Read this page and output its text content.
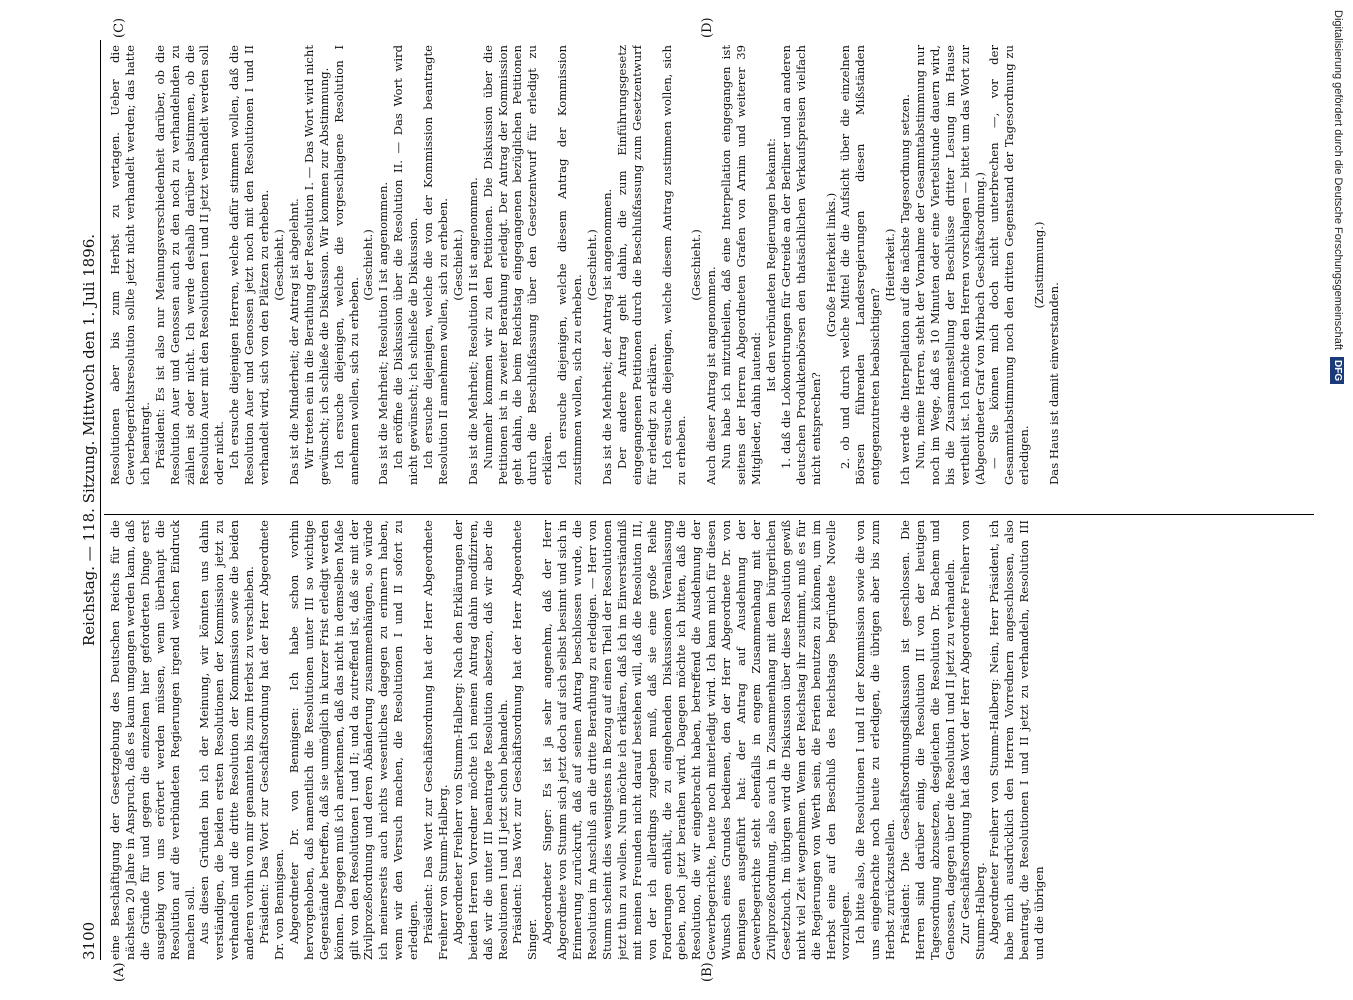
3100
Reichstag. — 118. Sitzung. Mittwoch den 1. Juli 1896.
(A)	(B)
(C)	(D)

eine Beschäftigung der Gesetzgebung des Deutschen Reichs für die nächsten 20 Jahre in Anspruch, daß es kaum umgangen werden kann, daß die Gründe für und gegen die einzelnen hier geforderten Dinge erst ausgiebig von uns erörtert werden müssen, wenn überhaupt die Resolution auf die verbündeten Regierungen irgend welchen Eindruck machen soll. Aus diesen Gründen bin ich der Meinung, wir könnten uns dahin verständigen, die beiden ersten Resolutionen der Kommission jetzt zu verhandeln und die dritte Resolution der Kommission sowie die beiden anderen vorhin von mir genannten bis zum Herbst zu verschieben. Präsident: Das Wort zur Geschäftsordnung hat der Herr Abgeordnete Dr. von Bennigsen. Abgeordneter Dr. von Bennigsen: Ich habe schon vorhin hervorgehoben, daß namentlich die Resolutionen unter III so wichtige Gegenstände betreffen, daß sie unmöglich in kurzer Frist erledigt werden können. Dagegen muß ich anerkennen, daß das nicht in demselben Maße gilt von den Resolutionen I und II; und da zutreffend ist, daß sie mit der Zivilprozeßordnung und deren Abänderung zusammenhängen, so würde ich meinerseits auch nichts wesentliches dagegen zu erinnern haben, wenn wir den Versuch machen, die Resolutionen I und II sofort zu erledigen. Präsident: Das Wort zur Geschäftsordnung hat der Herr Abgeordnete Freiherr von Stumm-Halberg. Abgeordneter Freiherr von Stumm-Halberg: Nach den Erklärungen der beiden Herren Vorredner möchte ich meinen Antrag dahin modifiziren, daß wir die unter III beantragte Resolution absetzen, daß wir aber die Resolutionen I und II jetzt schon behandeln. Präsident: Das Wort zur Geschäftsordnung hat der Herr Abgeordnete Singer. Abgeordneter Singer: Es ist ja sehr angenehm, daß der Herr Abgeordnete von Stumm sich jetzt doch auf sich selbst besinnt und sich in Erinnerung zurückruft, daß auf seinen Antrag beschlossen wurde, die Resolution im Anschluß an die dritte Berathung zu erledigen. — Herr von Stumm scheint dies wenigstens in Bezug auf einen Theil der Resolutionen jetzt thun zu wollen. Nun möchte ich erklären, daß ich im Einverständniß mit meinen Freunden nicht darauf bestehen will, daß die Resolution III, von der ich allerdings zugeben muß, daß sie eine große Reihe Forderungen enthält, die zu eingehenden Diskussionen Veranlassung geben, noch jetzt berathen wird. Dagegen möchte ich bitten, daß die Resolution, die wir eingebracht haben, betreffend die Ausdehnung der Gewerbegerichte, heute noch miterledigt wird. Ich kann mich für diesen Wunsch eines Grundes bedienen, den der Herr Abgeordnete Dr. von Bennigsen ausgeführt hat: der Antrag auf Ausdehnung der Gewerbegerichte steht ebenfalls in engem Zusammenhang mit der Zivilprozeßordnung, also auch in Zusammenhang mit dem bürgerlichen Gesetzbuch. Im übrigen wird die Diskussion über diese Resolution gewiß nicht viel Zeit wegnehmen. Wenn der Reichstag ihr zustimmt, muß es für die Regierungen von Werth sein, die Ferien benutzen zu können, um im Herbst eine auf den Beschluß des Reichstags begründete Novelle vorzulegen. Ich bitte also, die Resolutionen I und II der Kommission sowie die von uns eingebrachte noch heute zu erledigen, die übrigen aber bis zum Herbst zurückzustellen. Präsident: Die Geschäftsordnungsdiskussion ist geschlossen. Die Herren sind darüber einig, die Resolution III von der heutigen Tagesordnung abzusetzen, desgleichen die Resolution Dr. Bachem und Genossen, dagegen über die Resolution I und II jetzt zu verhandeln. Zur Geschäftsordnung hat das Wort der Herr Abgeordnete Freiherr von Stumm-Halberg. Abgeordneter Freiherr von Stumm-Halberg: Nein, Herr Präsident, ich habe mich ausdrücklich den Herren Vorrednern angeschlossen, also beantragt, die Resolutionen I und II jetzt zu verhandeln, Resolution III und die übrigen

Resolutionen aber bis zum Herbst zu vertagen. Ueber die Gewerbegerichtsresolution sollte jetzt nicht verhandelt werden; das hatte ich beantragt. Präsident: Es ist also nur Meinungsverschiedenheit darüber, ob die Resolution Auer und Genossen auch zu den noch zu verhandelnden zu zählen ist oder nicht. Ich werde deshalb darüber abstimmen, ob die Resolution Auer mit den Resolutionen I und II jetzt verhandelt werden soll oder nicht. Ich ersuche diejenigen Herren, welche dafür stimmen wollen, daß die Resolution Auer und Genossen jetzt noch mit den Resolutionen I und II verhandelt wird, sich von den Plätzen zu erheben. (Geschieht.) Das ist die Minderheit; der Antrag ist abgelehnt. Wir treten ein in die Berathung der Resolution I. — Das Wort wird nicht gewünscht; ich schließe die Diskussion. Wir kommen zur Abstimmung. Ich ersuche diejenigen, welche die vorgeschlagene Resolution I annehmen wollen, sich zu erheben.

(Geschieht.) Das ist die Mehrheit; Resolution I ist angenommen. Ich eröffne die Diskussion über die Resolution II. — Das Wort wird nicht gewünscht; ich schließe die Diskussion. Ich ersuche diejenigen, welche die von der Kommission beantragte Resolution II annehmen wollen, sich zu erheben. (Geschieht.) Das ist die Mehrheit; Resolution II ist angenommen. Nunmehr kommen wir zu den Petitionen. Die Diskussion über die Petitionen ist in zweiter Berathung erledigt. Der Antrag der Kommission geht dahin, die beim Reichstag eingegangenen bezüglichen Petitionen durch die Beschlußfassung über den Gesetzentwurf für erledigt zu erklären. Ich ersuche diejenigen, welche diesem Antrag der Kommission zustimmen wollen, sich zu erheben.

(Geschieht.) Das ist die Mehrheit; der Antrag ist angenommen. Der andere Antrag geht dahin, die zum Einführungsgesetz eingegangenen Petitionen durch die Beschlußfassung zum Gesetzentwurf für erledigt zu erklären. Ich ersuche diejenigen, welche diesem Antrag zustimmen wollen, sich zu erheben.

(Geschieht.)

Auch dieser Antrag ist angenommen. Nun habe ich mitzutheilen, daß eine Interpellation eingegangen ist seitens der Herren Abgeordneten Grafen von Arnim und weiterer 39 Mitglieder, dahin lautend:

Ist den verbündeten Regierungen bekannt: 1. daß die Lokonotirungen für Getreide an der Berliner und an anderen deutschen Produktenbörsen den thatsächlichen Verkaufspreisen vielfach nicht entsprechen?

(Große Heiterkeit links.) 2. ob und durch welche Mittel die die Aufsicht über die einzelnen Börsen führenden Landesregierungen diesen Mißständen entgegenzutreten beabsichtigen?

(Heiterkeit.) Ich werde die Interpellation auf die nächste Tagesordnung setzen. Nun, meine Herren, steht der Vornahme der Gesammtabstimmung nur noch im Wege, daß es 10 Minuten oder eine Viertelstunde dauern wird, bis die Zusammenstellung der Beschlüsse dritter Lesung im Hause vertheilt ist. Ich möchte den Herren vorschlagen — bittet um das Wort zur (Abgeordneter Graf von Mirbach Geschäftsordnung.) — Sie können mich doch nicht unterbrechen —, vor der Gesammtabstimmung noch den dritten Gegenstand der Tagesordnung zu erledigen.

(Zustimmung.)

Das Haus ist damit einverstanden.

Digitalisierung gefördert durch die Deutsche Forschungsgemeinschaft DFG
